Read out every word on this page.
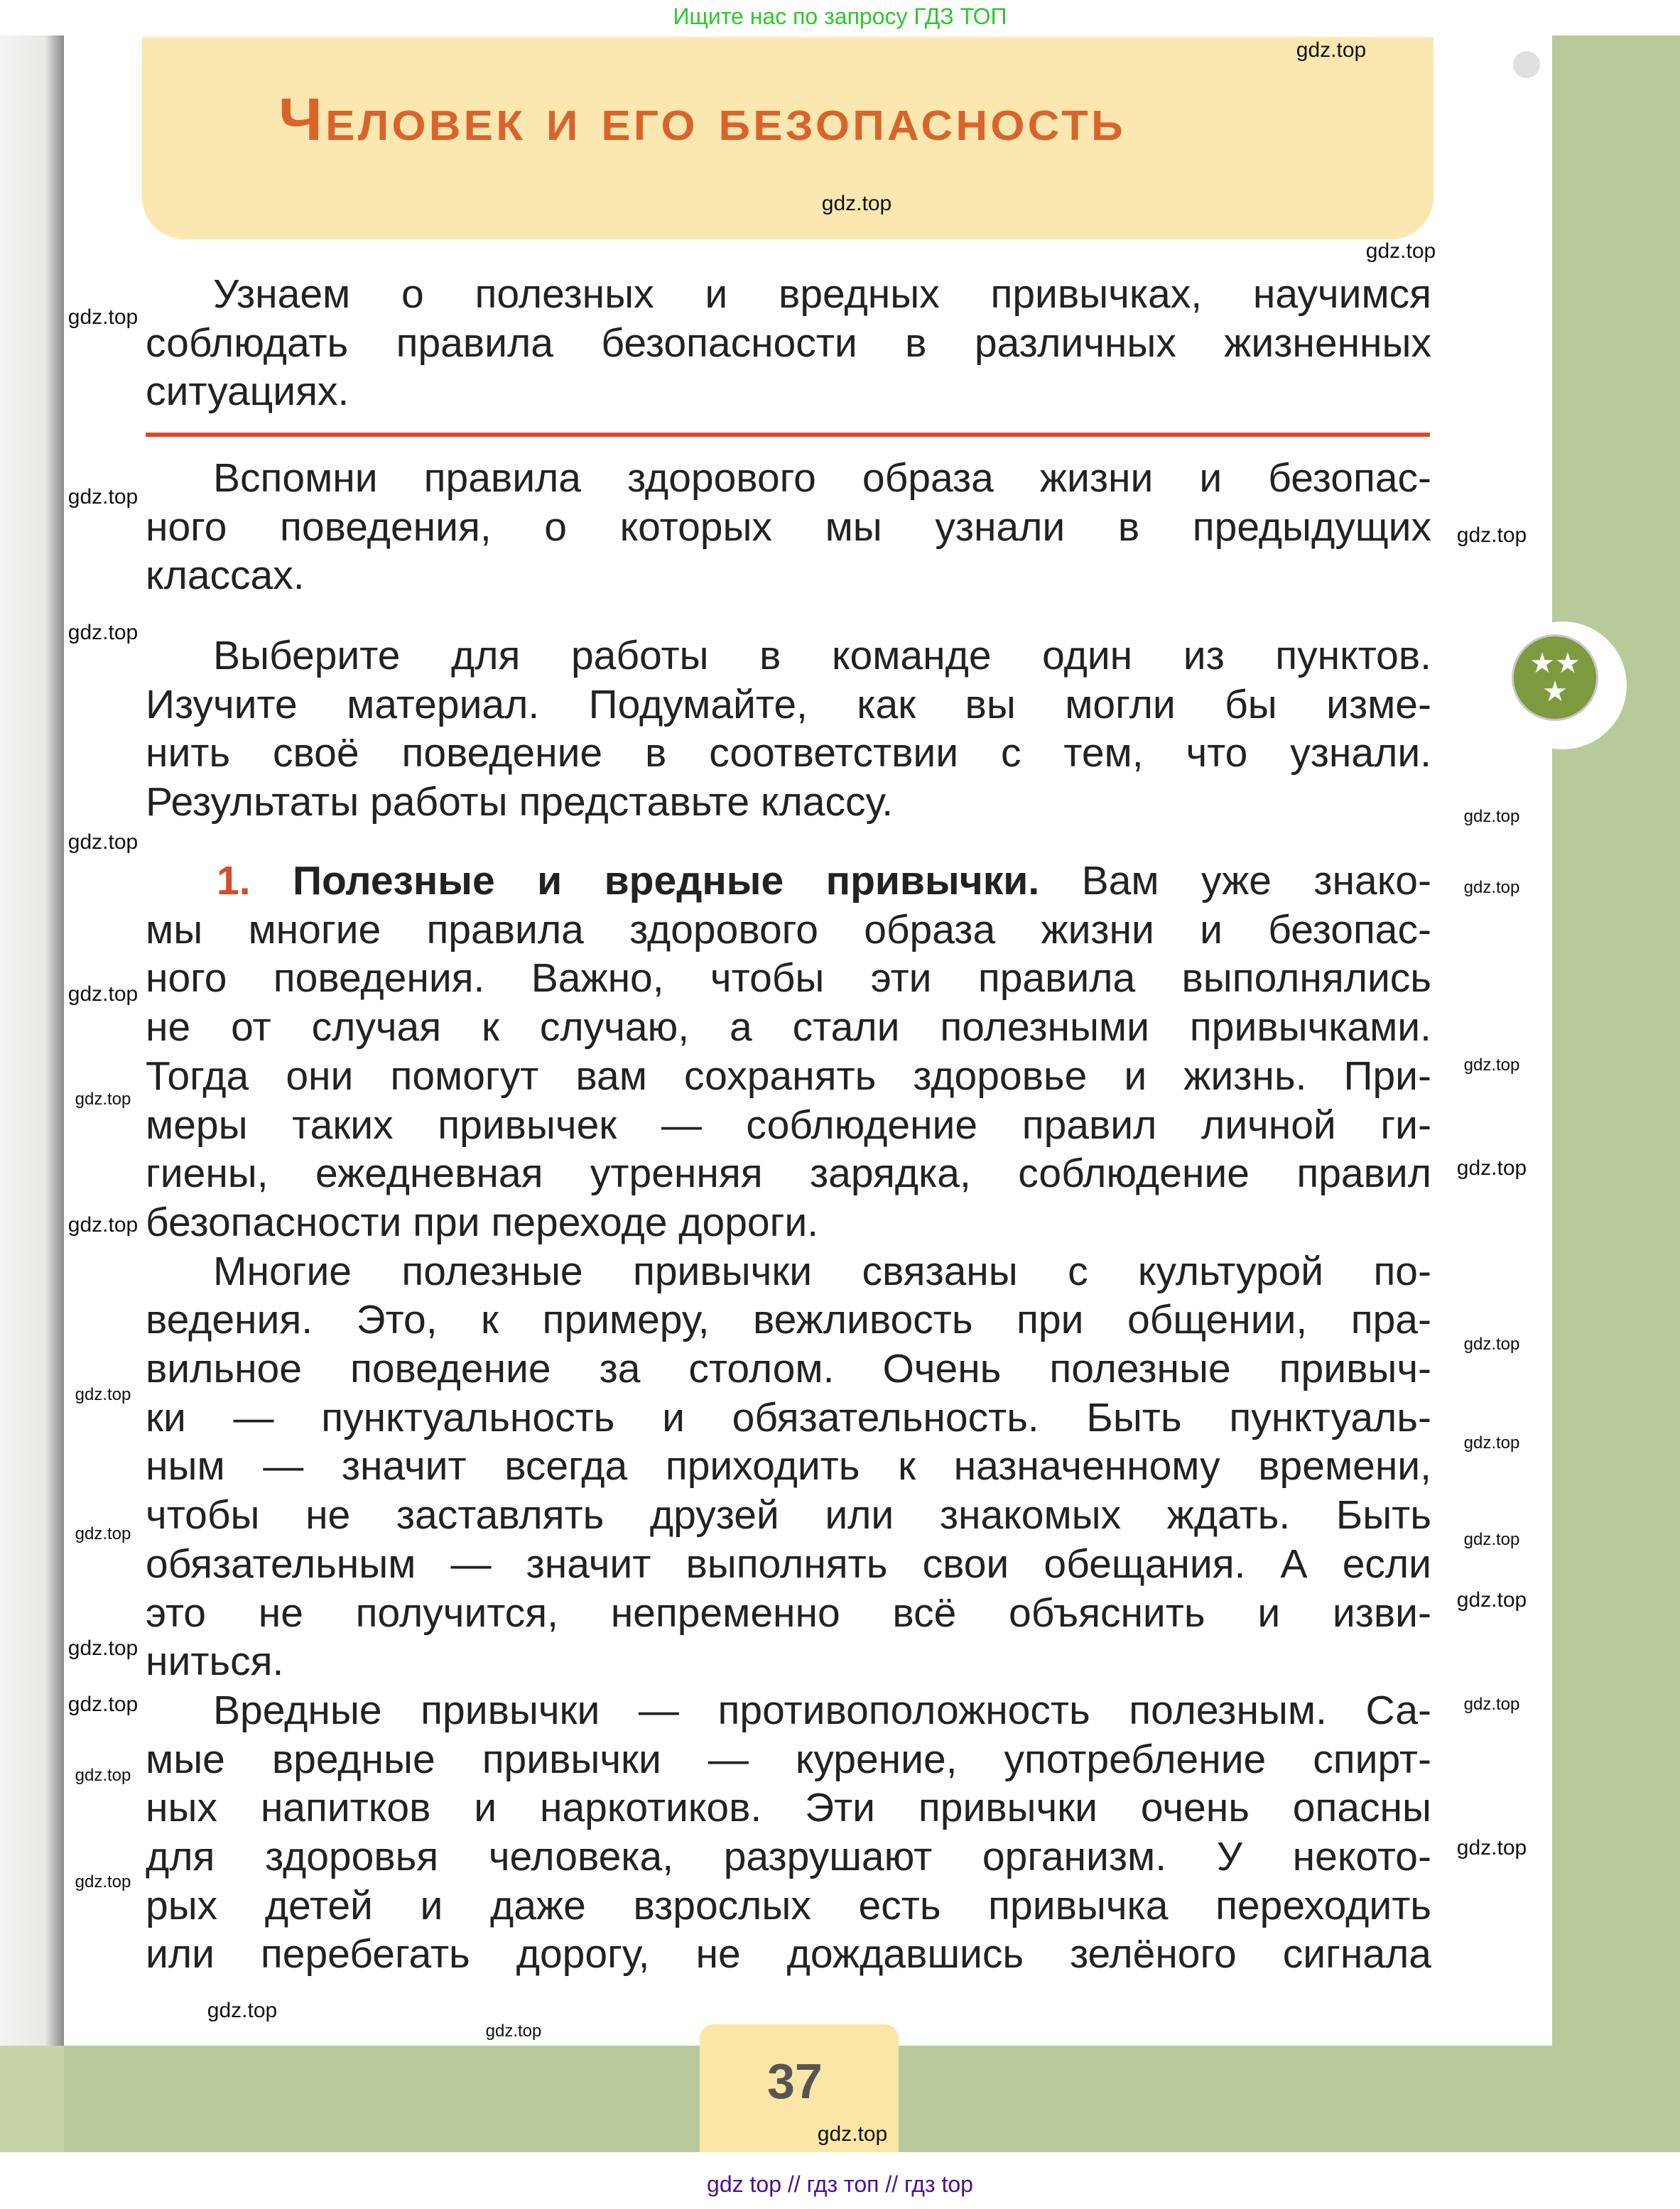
Ищите нас по запросу ГДЗ ТОП
Человек и его безопасность
★★
★
Узнаем о полезных и вредных привычках, научимся
соблюдать правила безопасности в различных жизненных
ситуациях.
Вспомни правила здорового образа жизни и безопас-
ного поведения, о которых мы узнали в предыдущих
классах.
Выберите для работы в команде один из пунктов.
Изучите материал. Подумайте, как вы могли бы изме-
нить своё поведение в соответствии с тем, что узнали.
Результаты работы представьте классу.
1. Полезные и вредные привычки. Вам уже знако-
мы многие правила здорового образа жизни и безопас-
ного поведения. Важно, чтобы эти правила выполнялись
не от случая к случаю, а стали полезными привычками.
Тогда они помогут вам сохранять здоровье и жизнь. При-
меры таких привычек — соблюдение правил личной ги-
гиены, ежедневная утренняя зарядка, соблюдение правил
безопасности при переходе дороги.
Многие полезные привычки связаны с культурой по-
ведения. Это, к примеру, вежливость при общении, пра-
вильное поведение за столом. Очень полезные привыч-
ки — пунктуальность и обязательность. Быть пунктуаль-
ным — значит всегда приходить к назначенному времени,
чтобы не заставлять друзей или знакомых ждать. Быть
обязательным — значит выполнять свои обещания. А если
это не получится, непременно всё объяснить и изви-
ниться.
Вредные привычки — противоположность полезным. Са-
мые вредные привычки — курение, употребление спирт-
ных напитков и наркотиков. Эти привычки очень опасны
для здоровья человека, разрушают организм. У некото-
рых детей и даже взрослых есть привычка переходить
или перебегать дорогу, не дождавшись зелёного сигнала
37
gdz.top
gdz.top
gdz.top
gdz.top
gdz.top
gdz.top
gdz.top
gdz.top
gdz.top
gdz.top
gdz.top
gdz.top
gdz.top
gdz.top
gdz.top
gdz.top
gdz.top
gdz.top
gdz.top	gdz.top
gdz.top
gdz.top
gdz.top	gdz.top
gdz.top
gdz.top
gdz.top
gdz.top
gdz.top
gdz.top
gdz top // гдз топ // гдз top
